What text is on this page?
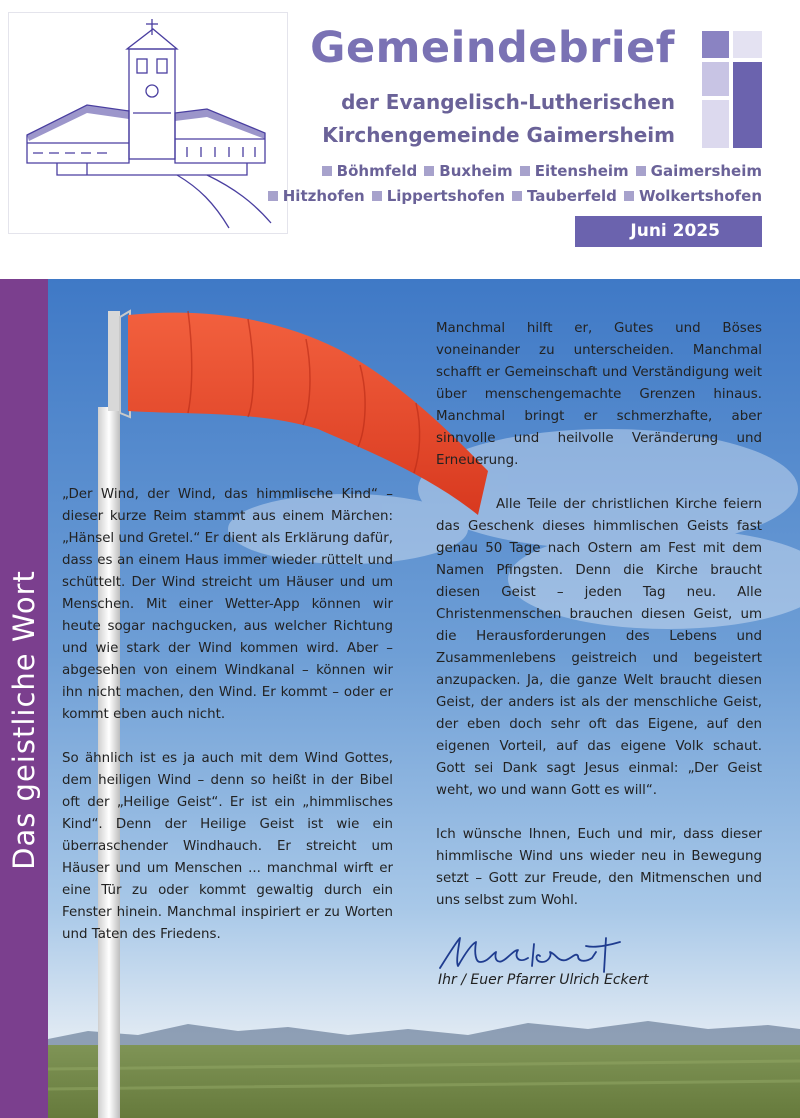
Gemeindebrief

der Evangelisch-Lutherischen

Kirchengemeinde Gaimersheim

Böhmfeld Buxheim Eitensheim Gaimersheim

Hitzhofen Lippertshofen Tauberfeld Wolkertshofen

Juni 2025
Das geistliche Wort

„Der Wind, der Wind, das himmlische Kind“ – dieser kurze Reim stammt aus einem Märchen: „Hänsel und Gretel.“ Er dient als Erklärung dafür, dass es an einem Haus immer wieder rüttelt und schüttelt. Der Wind streicht um Häuser und um Menschen. Mit einer Wetter-App können wir heute sogar nachgucken, aus welcher Richtung und wie stark der Wind kommen wird. Aber – abgesehen von einem Windkanal – können wir ihn nicht machen, den Wind. Er kommt – oder er kommt eben auch nicht.

So ähnlich ist es ja auch mit dem Wind Gottes, dem heiligen Wind – denn so heißt in der Bibel oft der „Heilige Geist“. Er ist ein „himmlisches Kind“. Denn der Heilige Geist ist wie ein überraschender Windhauch. Er streicht um Häuser und um Menschen ... manchmal wirft er eine Tür zu oder kommt gewaltig durch ein Fenster hinein. Manchmal inspiriert er zu Worten und Taten des Friedens.

Manchmal hilft er, Gutes und Böses voneinander zu unterscheiden. Manchmal schafft er Gemeinschaft und Verständigung weit über menschengemachte Grenzen hinaus. Manchmal bringt er schmerzhafte, aber sinnvolle und heilvolle Veränderung und Erneuerung.

Alle Teile der christlichen Kirche feiern das Geschenk dieses himmlischen Geists fast genau 50 Tage nach Ostern am Fest mit dem Namen Pfingsten. Denn die Kirche braucht diesen Geist – jeden Tag neu. Alle Christenmenschen brauchen diesen Geist, um die Herausforderungen des Lebens und Zusammenlebens geistreich und begeistert anzupacken. Ja, die ganze Welt braucht diesen Geist, der anders ist als der menschliche Geist, der eben doch sehr oft das Eigene, auf den eigenen Vorteil, auf das eigene Volk schaut. Gott sei Dank sagt Jesus einmal: „Der Geist weht, wo und wann Gott es will“.

Ich wünsche Ihnen, Euch und mir, dass dieser himmlische Wind uns wieder neu in Bewegung setzt – Gott zur Freude, den Mitmenschen und uns selbst zum Wohl.

Ihr / Euer Pfarrer Ulrich Eckert
